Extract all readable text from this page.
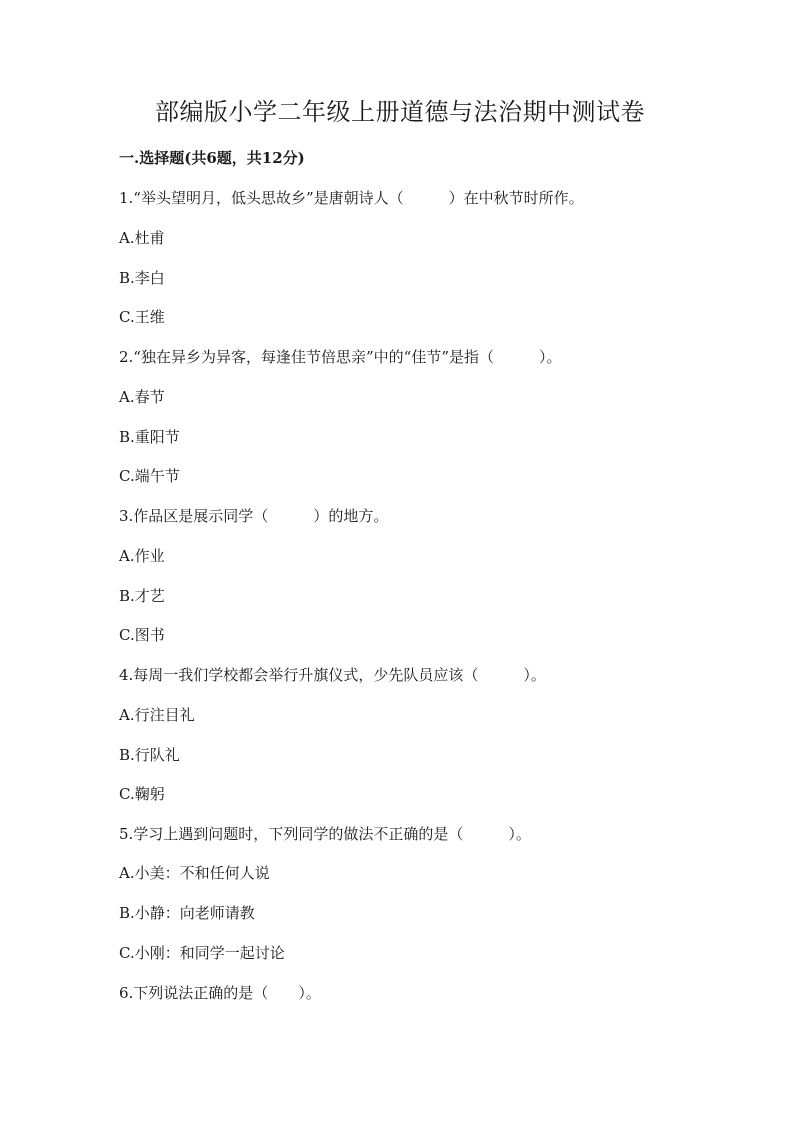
部编版小学二年级上册道德与法治期中测试卷
一.选择题(共6题，共12分)
1.“举头望明月，低头思故乡”是唐朝诗人（　　　）在中秋节时所作。
A.杜甫
B.李白
C.王维
2.“独在异乡为异客，每逢佳节倍思亲”中的“佳节”是指（　　　）。
A.春节
B.重阳节
C.端午节
3.作品区是展示同学（　　　）的地方。
A.作业
B.才艺
C.图书
4.每周一我们学校都会举行升旗仪式，少先队员应该（　　　）。
A.行注目礼
B.行队礼
C.鞠躬
5.学习上遇到问题时，下列同学的做法不正确的是（　　　）。
A.小美：不和任何人说
B.小静：向老师请教
C.小刚：和同学一起讨论
6.下列说法正确的是（　　）。
